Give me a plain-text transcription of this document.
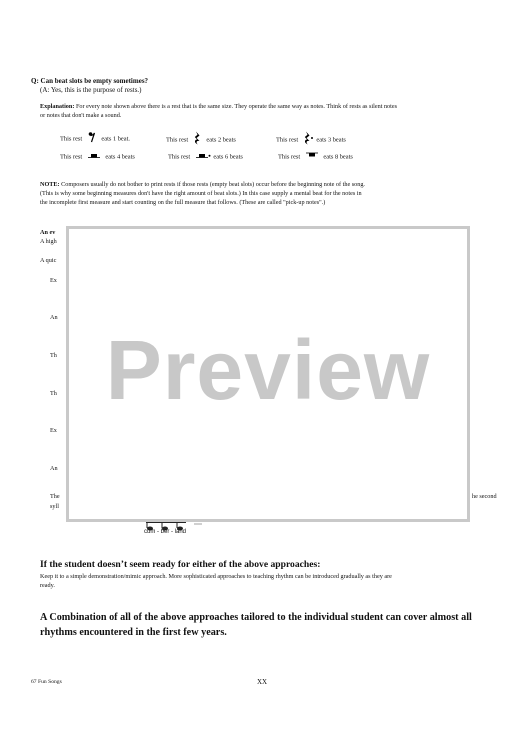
Q: Can beat slots be empty sometimes?
(A: Yes, this is the purpose of rests.)
Explanation: For every note shown above there is a rest that is the same size. They operate the same way as notes. Think of rests as silent notes
or notes that don't make a sound.
This rest	eats 1 beat.	This rest	eats 2 beats	This rest	eats 3 beats
This rest	eats 4 beats	This rest	eats 6 beats	This rest	eats 8 beats
NOTE: Composers usually do not bother to print rests if those rests (empty beat slots) occur before the beginning note of the song.
(This is why some beginning measures don't have the right amount of beat slots.) In this case supply a mental beat for the notes in
the incomplete first measure and start counting on the full measure that follows. (These are called "pick-up notes".)
An ev
A high
A quic
Ex
An
Th
Th
Ex
An
The
syll
he second
cum - ber - land
Preview
If the student doesn’t seem ready for either of the above approaches:
Keep it to a simple demonstration/mimic approach. More sophisticated approaches to teaching rhythm can be introduced gradually as they are
ready.
A Combination of all of the above approaches tailored to the individual student can cover almost all
rhythms encountered in the first few years.
67 Fun Songs	XX
